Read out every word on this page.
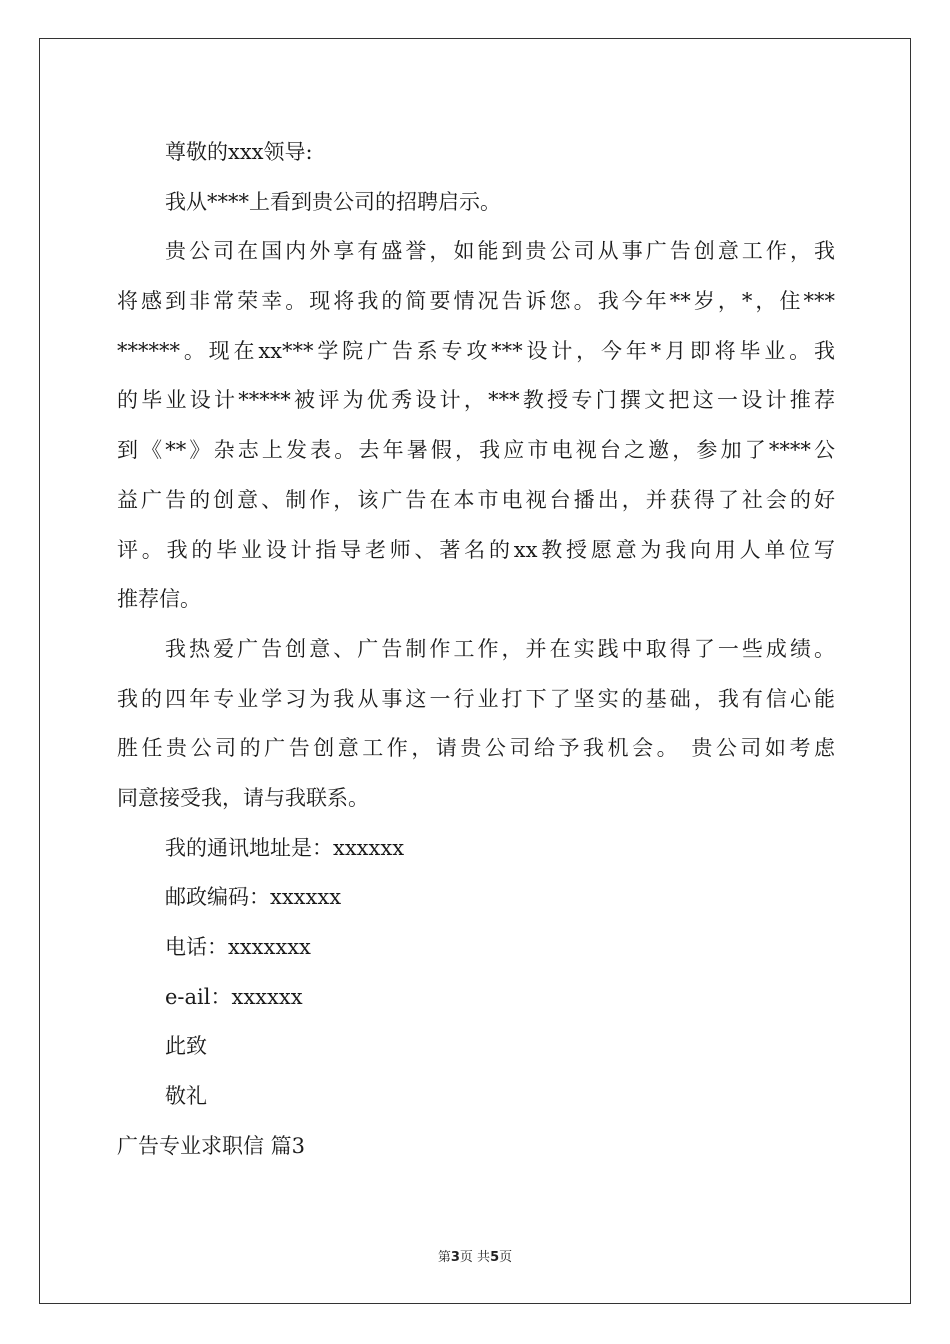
尊敬的xxx领导:
我从****上看到贵公司的招聘启示。
贵公司在国内外享有盛誉，如能到贵公司从事广告创意工作，我
将感到非常荣幸。现将我的简要情况告诉您。我今年**岁，*，住***
******。现在xx***学院广告系专攻***设计，今年*月即将毕业。我
的毕业设计*****被评为优秀设计，***教授专门撰文把这一设计推荐
到《**》杂志上发表。去年暑假，我应市电视台之邀，参加了****公
益广告的创意、制作，该广告在本市电视台播出，并获得了社会的好
评。我的毕业设计指导老师、著名的xx教授愿意为我向用人单位写
推荐信。
我热爱广告创意、广告制作工作，并在实践中取得了一些成绩。
我的四年专业学习为我从事这一行业打下了坚实的基础，我有信心能
胜任贵公司的广告创意工作，请贵公司给予我机会。 贵公司如考虑
同意接受我，请与我联系。
我的通讯地址是：xxxxxx
邮政编码：xxxxxx
电话：xxxxxxx
e-ail：xxxxxx
此致
敬礼
广告专业求职信 篇3
第3页 共5页
